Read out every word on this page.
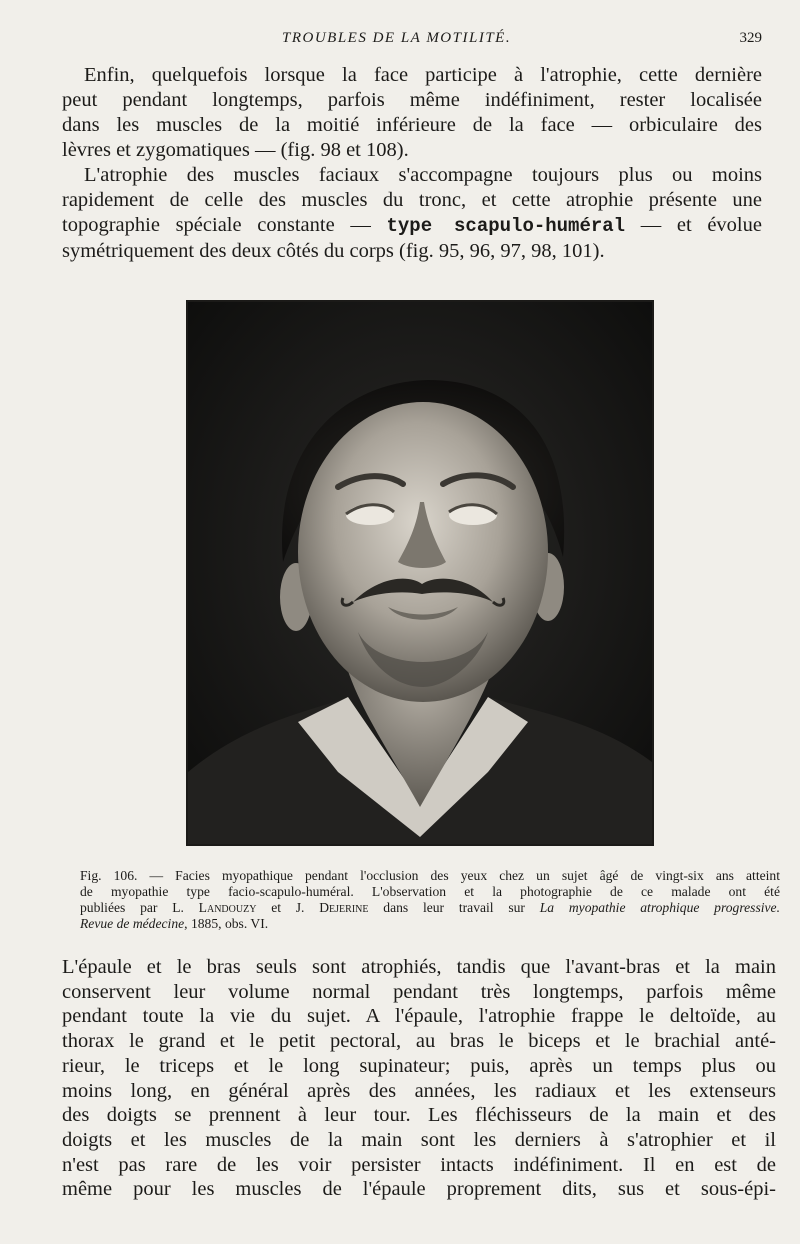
TROUBLES DE LA MOTILITÉ.	329
Enfin, quelquefois lorsque la face participe à l'atrophie, cette dernière
peut pendant longtemps, parfois même indéfiniment, rester localisée
dans les muscles de la moitié inférieure de la face — orbiculaire des
lèvres et zygomatiques — (fig. 98 et 108).
L'atrophie des muscles faciaux s'accompagne toujours plus ou moins
rapidement de celle des muscles du tronc, et cette atrophie présente une
topographie spéciale constante — type scapulo-huméral — et évolue
symétriquement des deux côtés du corps (fig. 95, 96, 97, 98, 101).
Fig. 106. — Facies myopathique pendant l'occlusion des yeux chez un sujet âgé de vingt-six ans atteint
de myopathie type facio-scapulo-huméral. L'observation et la photographie de ce malade ont été
publiées par L. Landouzy et J. Dejerine dans leur travail sur La myopathie atrophique progressive.
Revue de médecine, 1885, obs. VI.
L'épaule et le bras seuls sont atrophiés, tandis que l'avant-bras et la main
conservent leur volume normal pendant très longtemps, parfois même
pendant toute la vie du sujet. A l'épaule, l'atrophie frappe le deltoïde, au
thorax le grand et le petit pectoral, au bras le biceps et le brachial anté-
rieur, le triceps et le long supinateur; puis, après un temps plus ou
moins long, en général après des années, les radiaux et les extenseurs
des doigts se prennent à leur tour. Les fléchisseurs de la main et des
doigts et les muscles de la main sont les derniers à s'atrophier et il
n'est pas rare de les voir persister intacts indéfiniment. Il en est de
même pour les muscles de l'épaule proprement dits, sus et sous-épi-
